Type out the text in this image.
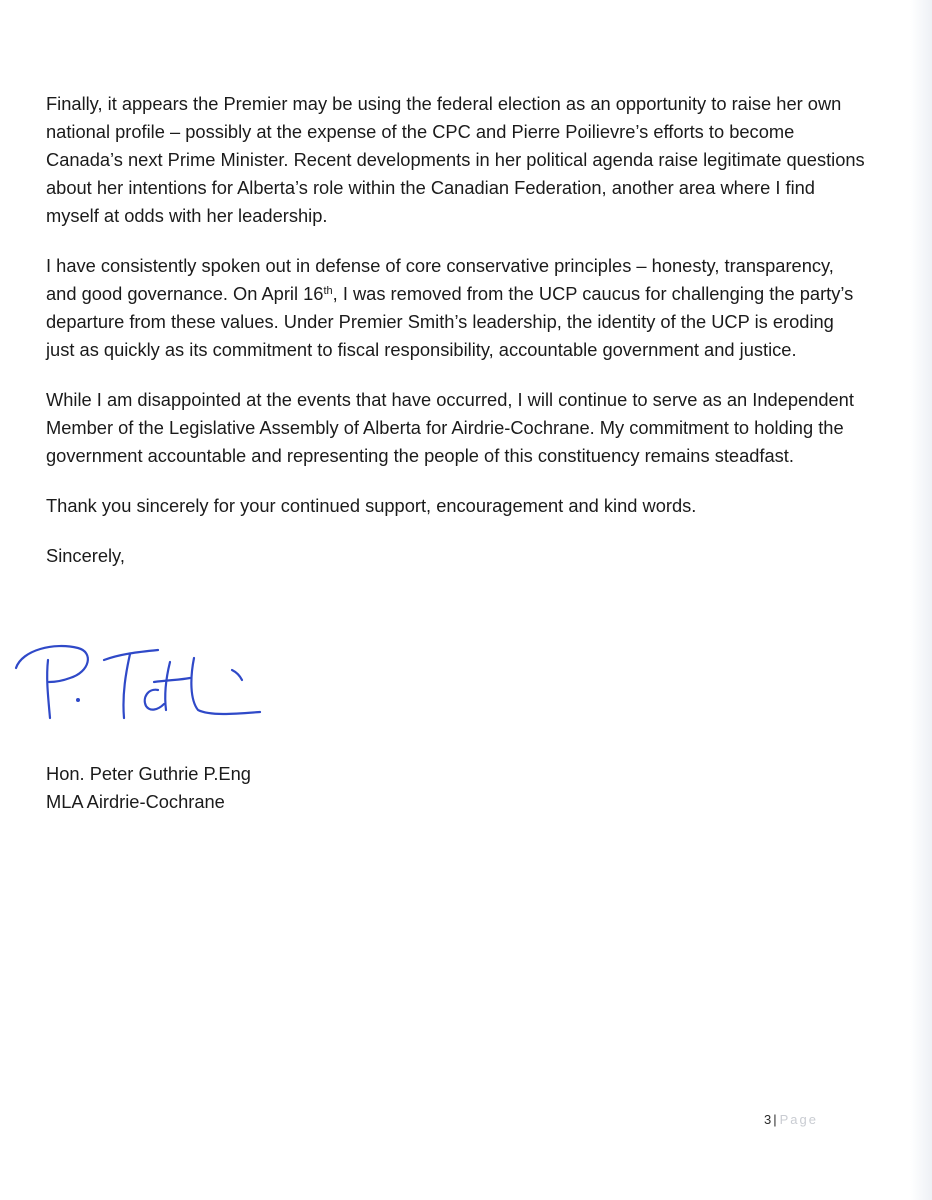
Finally, it appears the Premier may be using the federal election as an opportunity to raise her own national profile – possibly at the expense of the CPC and Pierre Poilievre’s efforts to become Canada’s next Prime Minister. Recent developments in her political agenda raise legitimate questions about her intentions for Alberta’s role within the Canadian Federation, another area where I find myself at odds with her leadership.

I have consistently spoken out in defense of core conservative principles – honesty, transparency, and good governance. On April 16th, I was removed from the UCP caucus for challenging the party’s departure from these values. Under Premier Smith’s leadership, the identity of the UCP is eroding just as quickly as its commitment to fiscal responsibility, accountable government and justice.

While I am disappointed at the events that have occurred, I will continue to serve as an Independent Member of the Legislative Assembly of Alberta for Airdrie-Cochrane. My commitment to holding the government accountable and representing the people of this constituency remains steadfast.

Thank you sincerely for your continued support, encouragement and kind words.

Sincerely,

Hon. Peter Guthrie P.Eng
MLA Airdrie-Cochrane
3 | Page
